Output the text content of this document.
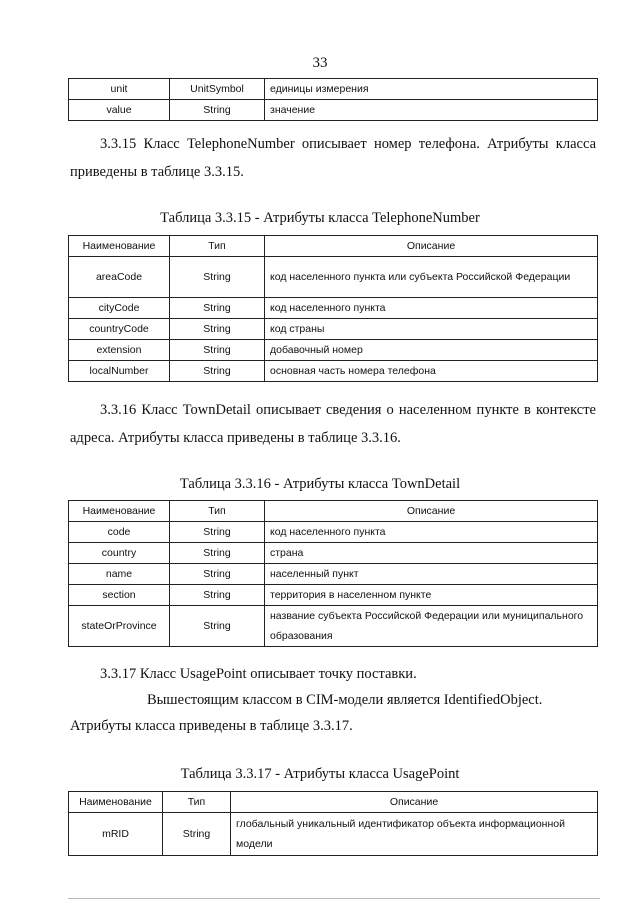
33
unit	UnitSymbol	единицы измерения
value	String	значение
3.3.15 Класс TelephoneNumber описывает номер телефона. Атрибуты класса приведены в таблице 3.3.15.
Таблица 3.3.15 - Атрибуты класса TelephoneNumber
Наименование	Тип	Описание
areaCode	String	код населенного пункта или субъекта Российской Федерации
cityCode	String	код населенного пункта
countryCode	String	код страны
extension	String	добавочный номер
localNumber	String	основная часть номера телефона
3.3.16 Класс TownDetail описывает сведения о населенном пункте в контексте адреса. Атрибуты класса приведены в таблице 3.3.16.
Таблица 3.3.16 - Атрибуты класса TownDetail
Наименование	Тип	Описание
code	String	код населенного пункта
country	String	страна
name	String	населенный пункт
section	String	территория в населенном пункте
stateOrProvince	String	название субъекта Российской Федерации или муниципального образования
3.3.17 Класс UsagePoint описывает точку поставки.
Вышестоящим классом в CIM-модели является IdentifiedObject.
Атрибуты класса приведены в таблице 3.3.17.
Таблица 3.3.17 - Атрибуты класса UsagePoint
Наименование	Тип	Описание
mRID	String	глобальный уникальный идентификатор объекта информационной модели
